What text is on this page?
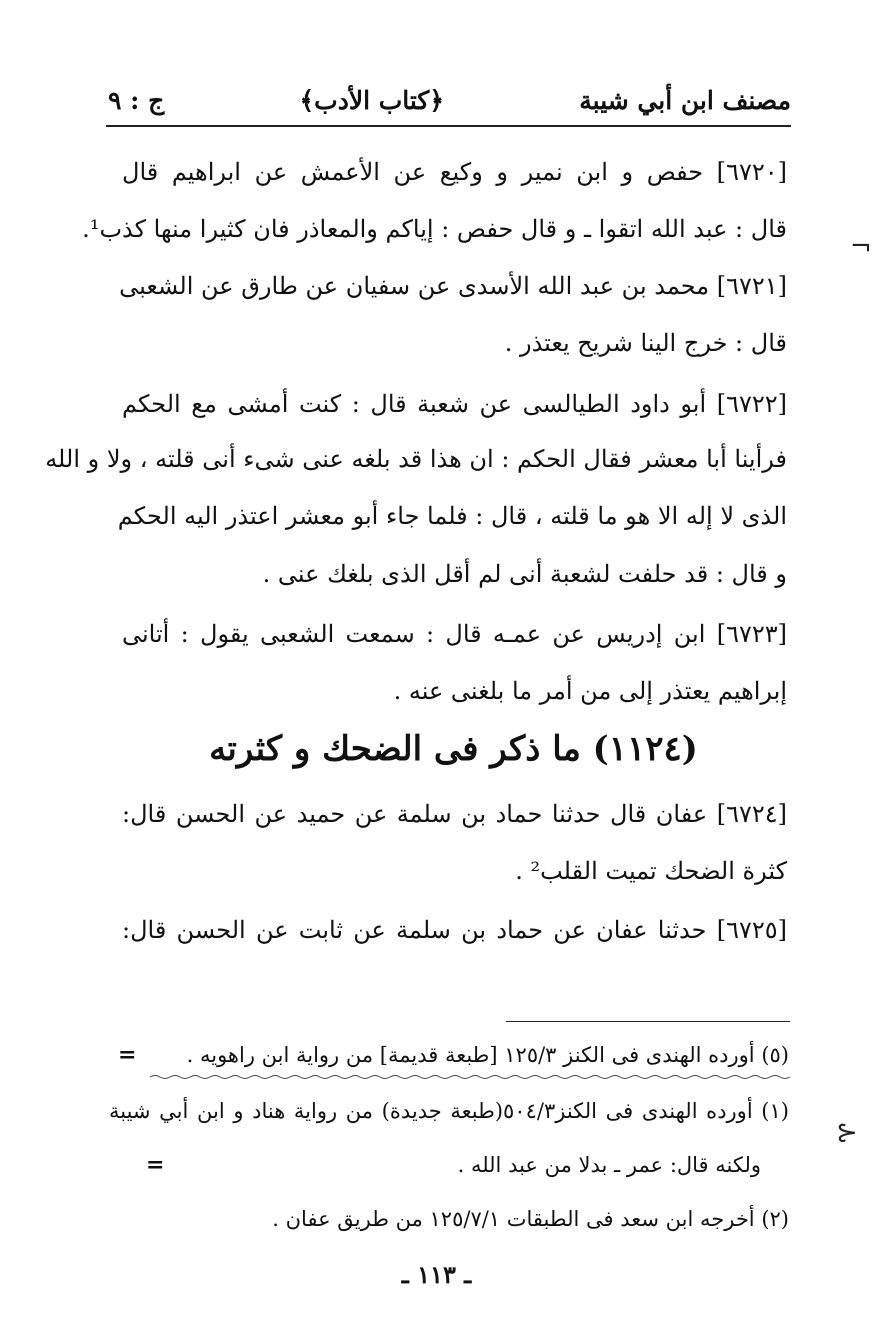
مصنف ابن أبي شيبة
﴿كتاب الأدب﴾
ج : ٩
[٦٧٢٠] حفص و ابن نمير و وكيع عن الأعمش عن ابراهيم قال
قال : عبد الله اتقوا ـ و قال حفص : إياكم والمعاذر فان كثيرا منها كذب¹.
[٦٧٢١] محمد بن عبد الله الأسدى عن سفيان عن طارق عن الشعبى
قال : خرج الينا شريح يعتذر .
[٦٧٢٢] أبو داود الطيالسى عن شعبة قال : كنت أمشى مع الحكم
فرأينا أبا معشر فقال الحكم : ان هذا قد بلغه عنى شىء أنى قلته ، ولا و الله
الذى لا إله الا هو ما قلته ، قال : فلما جاء أبو معشر اعتذر اليه الحكم
و قال : قد حلفت لشعبة أنى لم أقل الذى بلغك عنى .
[٦٧٢٣] ابن إدريس عن عمـه قال : سمعت الشعبى يقول : أتانى
إبراهيم يعتذر إلى من أمر ما بلغنى عنه .
(١١٢٤) ما ذكر فى الضحك و كثرته
[٦٧٢٤] عفان قال حدثنا حماد بن سلمة عن حميد عن الحسن قال:
كثرة الضحك تميت القلب² .
[٦٧٢٥] حدثنا عفان عن حماد بن سلمة عن ثابت عن الحسن قال:
=	(٥) أورده الهندى فى الكنز ١٢٥/٣ [طبعة قديمة] من رواية ابن راهويه .
(١) أورده الهندى فى الكنز٥٠٤/٣(طبعة جديدة) من رواية هناد و ابن أبي شيبة
ولكنه قال: عمر ـ بدلا من عبد الله .
=
(٢) أخرجه ابن سعد فى الطبقات ١٢٥/٧/١ من طريق عفان .
ـ ١١٣ ـ
¬
⊱
